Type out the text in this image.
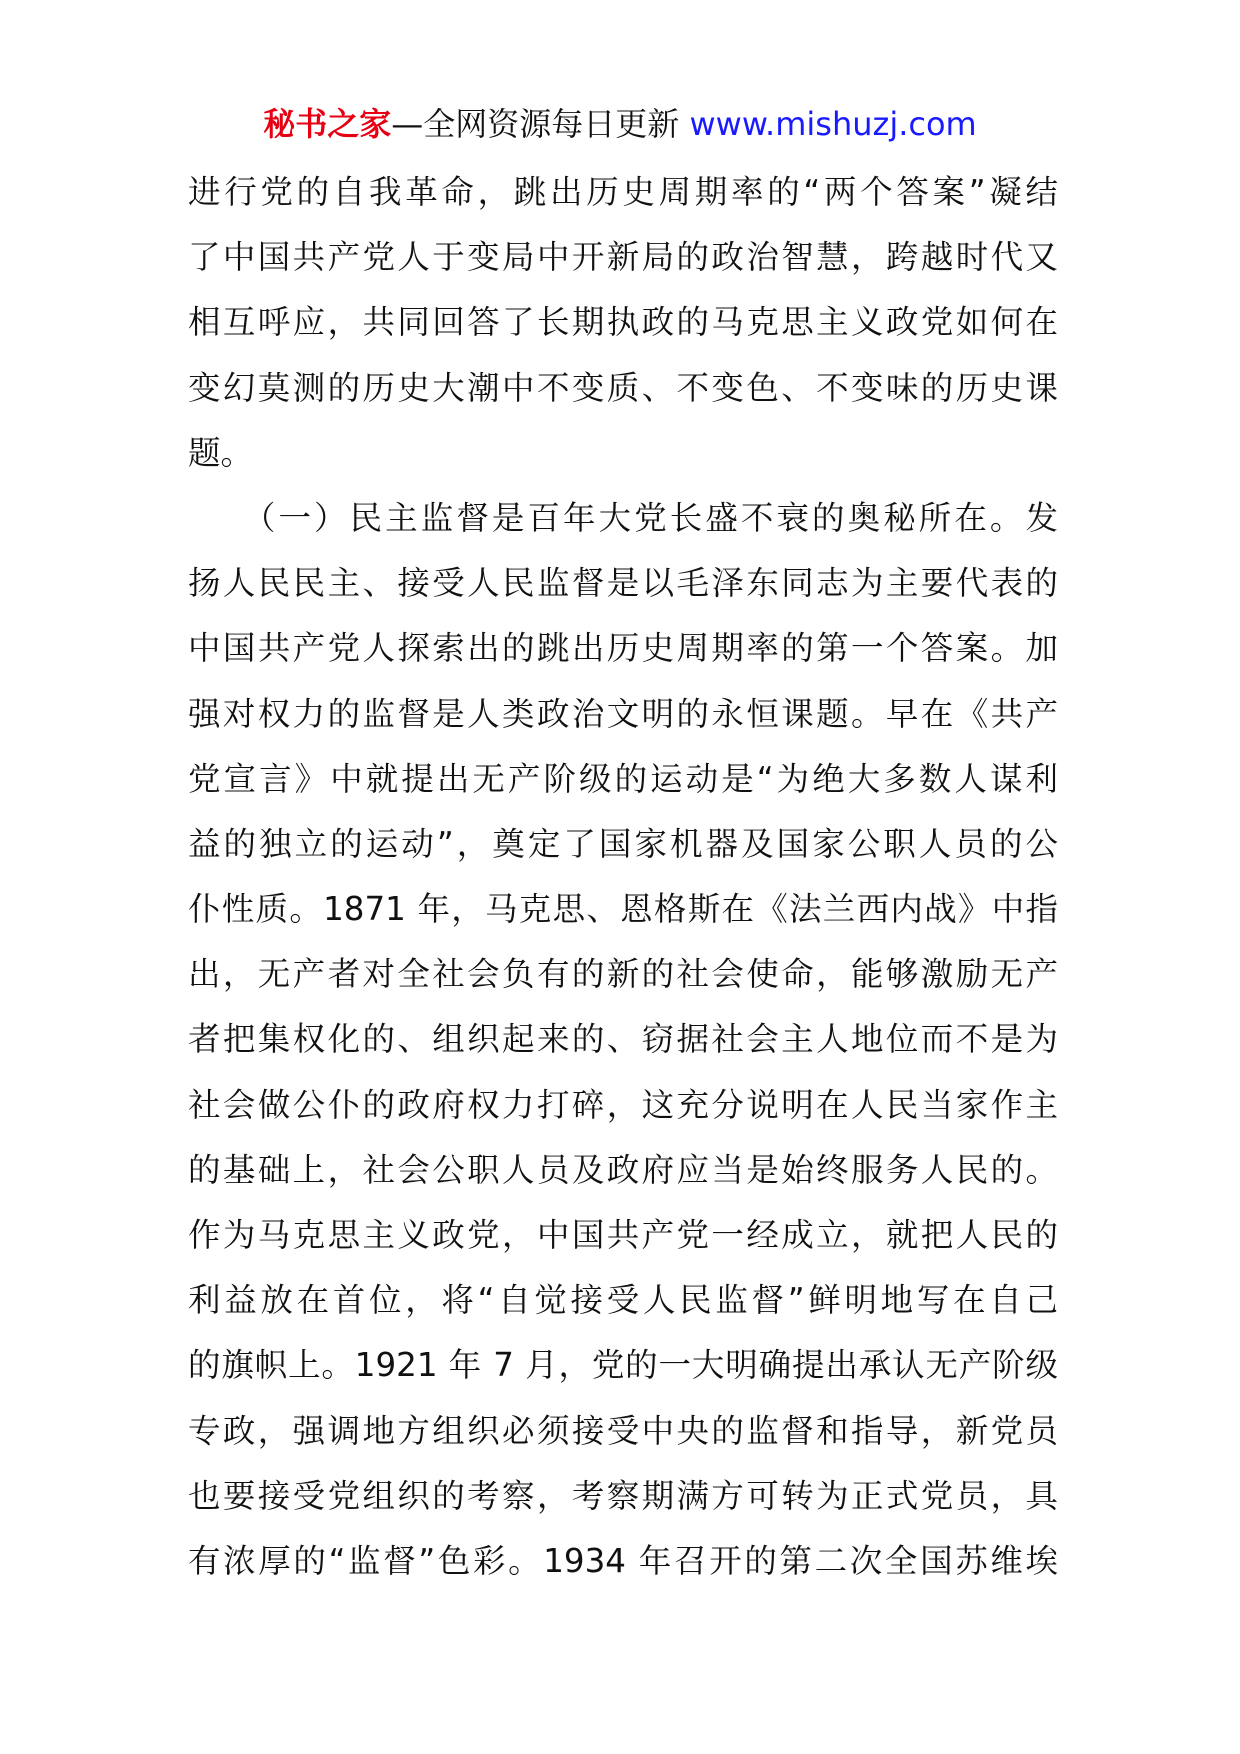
秘书之家—全网资源每日更新 www.mishuzj.com
进行党的自我革命，跳出历史周期率的“两个答案”凝结
了中国共产党人于变局中开新局的政治智慧，跨越时代又
相互呼应，共同回答了长期执政的马克思主义政党如何在
变幻莫测的历史大潮中不变质、不变色、不变味的历史课
题。
　　（一）民主监督是百年大党长盛不衰的奥秘所在。发
扬人民民主、接受人民监督是以毛泽东同志为主要代表的
中国共产党人探索出的跳出历史周期率的第一个答案。加
强对权力的监督是人类政治文明的永恒课题。早在《共产
党宣言》中就提出无产阶级的运动是“为绝大多数人谋利
益的独立的运动”，奠定了国家机器及国家公职人员的公
仆性质。1871 年，马克思、恩格斯在《法兰西内战》中指
出，无产者对全社会负有的新的社会使命，能够激励无产
者把集权化的、组织起来的、窃据社会主人地位而不是为
社会做公仆的政府权力打碎，这充分说明在人民当家作主
的基础上，社会公职人员及政府应当是始终服务人民的。
作为马克思主义政党，中国共产党一经成立，就把人民的
利益放在首位，将“自觉接受人民监督”鲜明地写在自己
的旗帜上。1921 年 7 月，党的一大明确提出承认无产阶级
专政，强调地方组织必须接受中央的监督和指导，新党员
也要接受党组织的考察，考察期满方可转为正式党员，具
有浓厚的“监督”色彩。1934 年召开的第二次全国苏维埃
